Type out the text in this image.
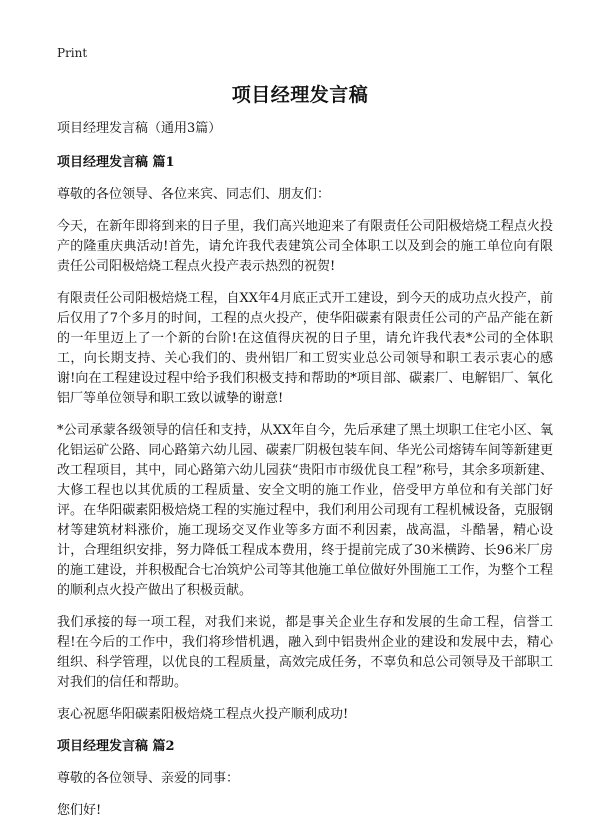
Print
项目经理发言稿

项目经理发言稿（通用3篇）

项目经理发言稿 篇1

尊敬的各位领导、各位来宾、同志们、朋友们：

今天，在新年即将到来的日子里，我们高兴地迎来了有限责任公司阳极焙烧工程点火投产的隆重庆典活动!首先，请允许我代表建筑公司全体职工以及到会的施工单位向有限责任公司阳极焙烧工程点火投产表示热烈的祝贺!

有限责任公司阳极焙烧工程，自XX年4月底正式开工建设，到今天的成功点火投产，前后仅用了7个多月的时间，工程的点火投产，使华阳碳素有限责任公司的产品产能在新的一年里迈上了一个新的台阶!在这值得庆祝的日子里，请允许我代表*公司的全体职工，向长期支持、关心我们的、贵州铝厂和工贸实业总公司领导和职工表示衷心的感谢!向在工程建设过程中给予我们积极支持和帮助的*项目部、碳素厂、电解铝厂、氧化铝厂等单位领导和职工致以诚挚的谢意!

*公司承蒙各级领导的信任和支持，从XX年自今，先后承建了黑土坝职工住宅小区、氧化铝运矿公路、同心路第六幼儿园、碳素厂阴极包装车间、华光公司熔铸车间等新建更改工程项目，其中，同心路第六幼儿园获“贵阳市市级优良工程”称号，其余多项新建、大修工程也以其优质的工程质量、安全文明的施工作业，倍受甲方单位和有关部门好评。在华阳碳素阳极焙烧工程的实施过程中，我们利用公司现有工程机械设备，克服钢材等建筑材料涨价，施工现场交叉作业等多方面不利因素，战高温，斗酷暑，精心设计，合理组织安排，努力降低工程成本费用，终于提前完成了30米横跨、长96米厂房的施工建设，并积极配合七冶筑炉公司等其他施工单位做好外围施工工作，为整个工程的顺利点火投产做出了积极贡献。

我们承接的每一项工程，对我们来说，都是事关企业生存和发展的生命工程，信誉工程!在今后的工作中，我们将珍惜机遇，融入到中铝贵州企业的建设和发展中去，精心组织、科学管理，以优良的工程质量，高效完成任务，不辜负和总公司领导及干部职工对我们的信任和帮助。

衷心祝愿华阳碳素阳极焙烧工程点火投产顺利成功!

项目经理发言稿 篇2

尊敬的各位领导、亲爱的同事：

您们好!
